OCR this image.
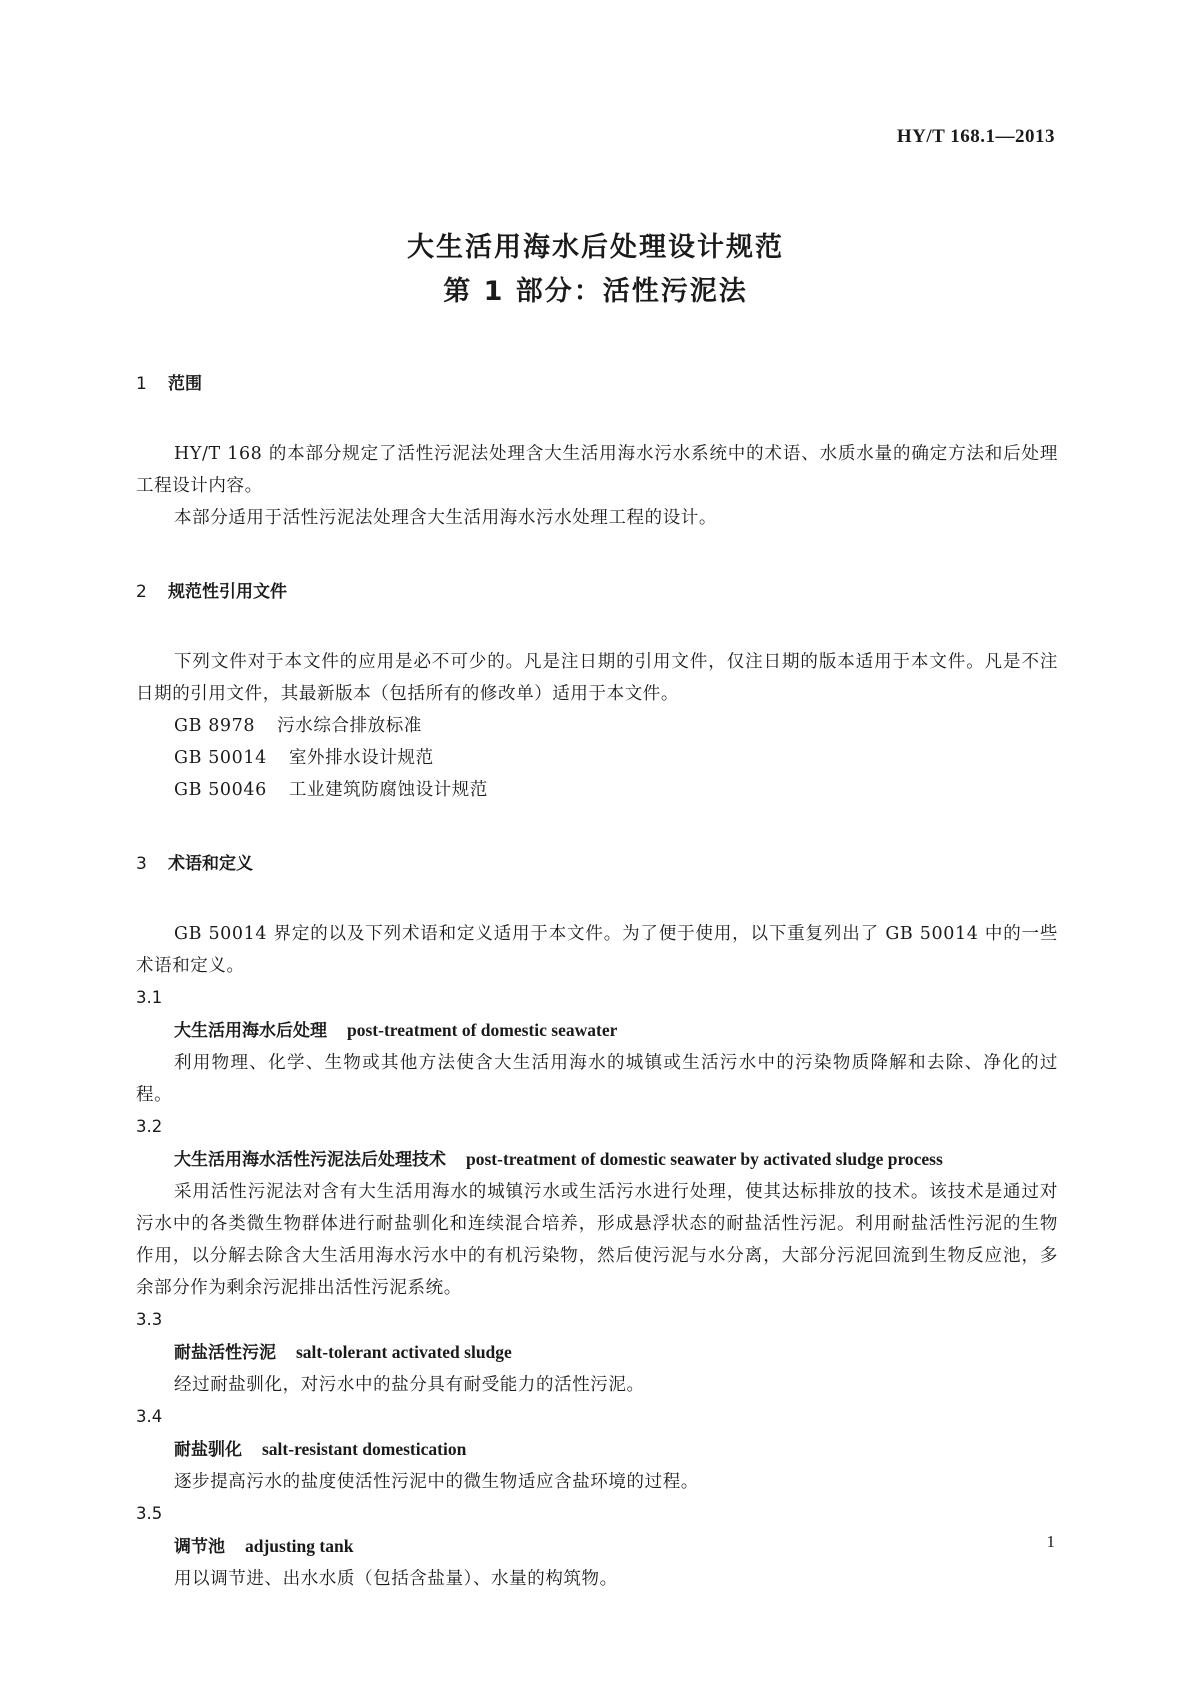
HY/T 168.1—2013
大生活用海水后处理设计规范
第 1 部分：活性污泥法
1 范围
HY/T 168 的本部分规定了活性污泥法处理含大生活用海水污水系统中的术语、水质水量的确定方法和后处理工程设计内容。
本部分适用于活性污泥法处理含大生活用海水污水处理工程的设计。
2 规范性引用文件
下列文件对于本文件的应用是必不可少的。凡是注日期的引用文件，仅注日期的版本适用于本文件。凡是不注日期的引用文件，其最新版本（包括所有的修改单）适用于本文件。
GB 8978 污水综合排放标准
GB 50014 室外排水设计规范
GB 50046 工业建筑防腐蚀设计规范
3 术语和定义
GB 50014 界定的以及下列术语和定义适用于本文件。为了便于使用，以下重复列出了 GB 50014 中的一些术语和定义。
3.1
大生活用海水后处理 post-treatment of domestic seawater
利用物理、化学、生物或其他方法使含大生活用海水的城镇或生活污水中的污染物质降解和去除、净化的过程。
3.2
大生活用海水活性污泥法后处理技术 post-treatment of domestic seawater by activated sludge process
采用活性污泥法对含有大生活用海水的城镇污水或生活污水进行处理，使其达标排放的技术。该技术是通过对污水中的各类微生物群体进行耐盐驯化和连续混合培养，形成悬浮状态的耐盐活性污泥。利用耐盐活性污泥的生物作用，以分解去除含大生活用海水污水中的有机污染物，然后使污泥与水分离，大部分污泥回流到生物反应池，多余部分作为剩余污泥排出活性污泥系统。
3.3
耐盐活性污泥 salt-tolerant activated sludge
经过耐盐驯化，对污水中的盐分具有耐受能力的活性污泥。
3.4
耐盐驯化 salt-resistant domestication
逐步提高污水的盐度使活性污泥中的微生物适应含盐环境的过程。
3.5
调节池 adjusting tank
用以调节进、出水水质（包括含盐量）、水量的构筑物。
1
